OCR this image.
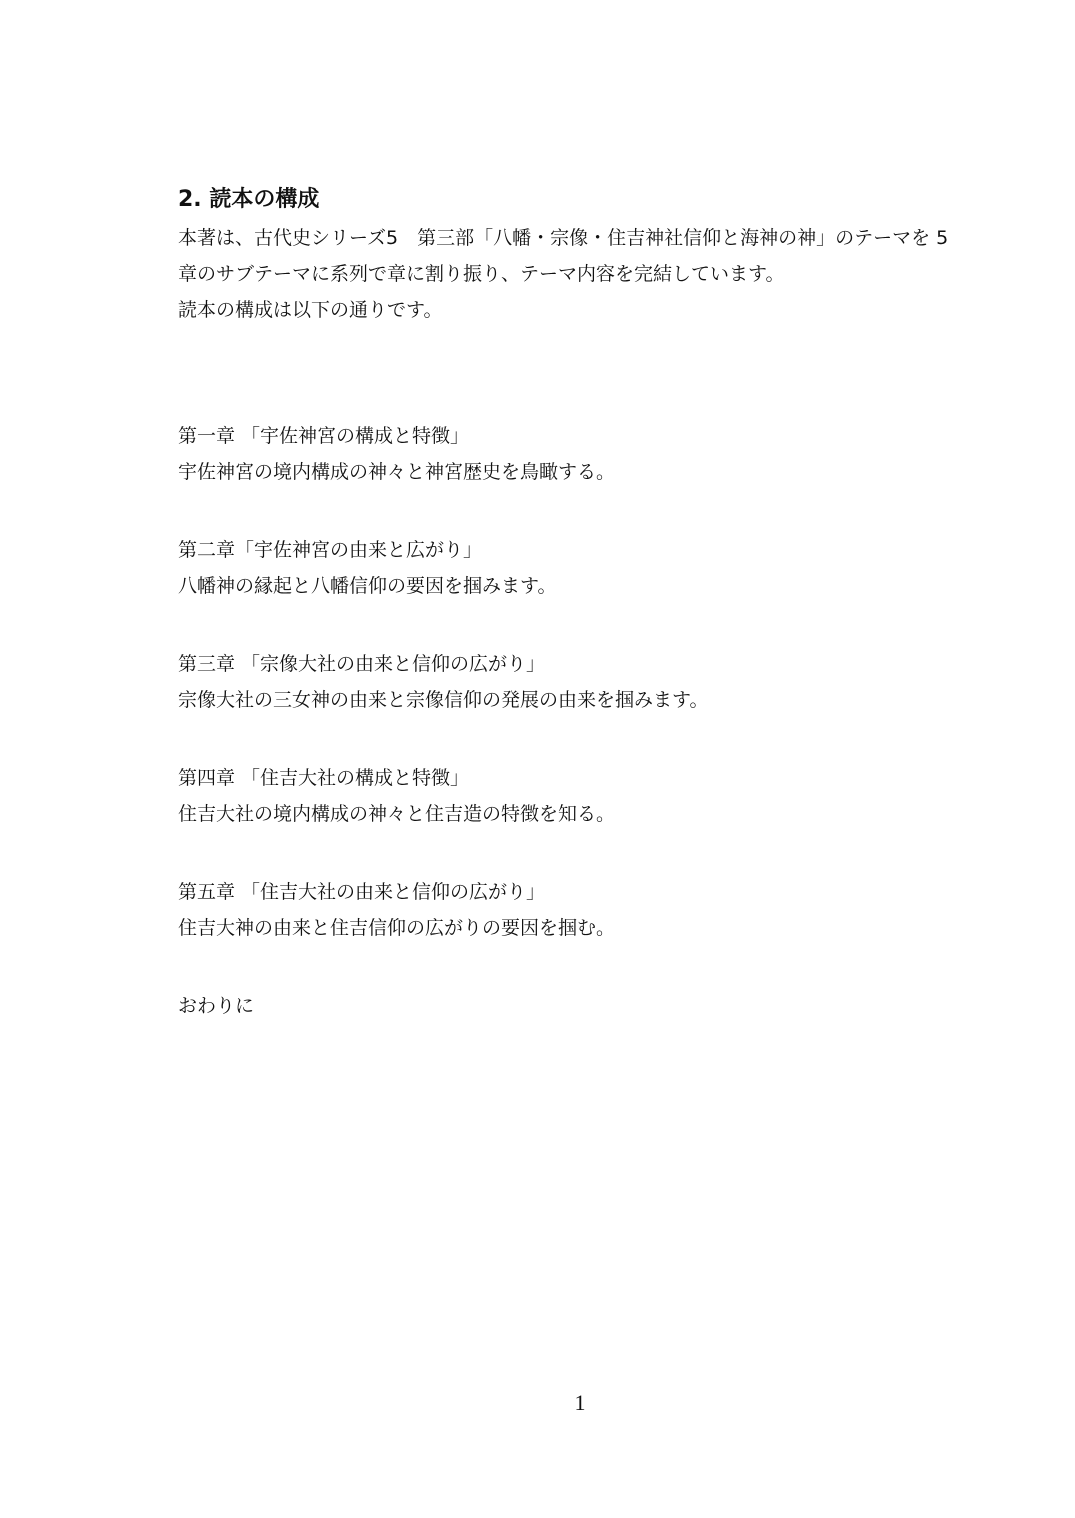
2. 読本の構成
本著は、古代史シリーズ5　第三部「八幡・宗像・住吉神社信仰と海神の神」のテーマを 5
章のサブテーマに系列で章に割り振り、テーマ内容を完結しています。
読本の構成は以下の通りです。
第一章 「宇佐神宮の構成と特徴」
宇佐神宮の境内構成の神々と神宮歴史を鳥瞰する。
第二章「宇佐神宮の由来と広がり」
八幡神の縁起と八幡信仰の要因を掴みます。
第三章 「宗像大社の由来と信仰の広がり」
宗像大社の三女神の由来と宗像信仰の発展の由来を掴みます。
第四章 「住吉大社の構成と特徴」
住吉大社の境内構成の神々と住吉造の特徴を知る。
第五章 「住吉大社の由来と信仰の広がり」
住吉大神の由来と住吉信仰の広がりの要因を掴む。
おわりに
1
